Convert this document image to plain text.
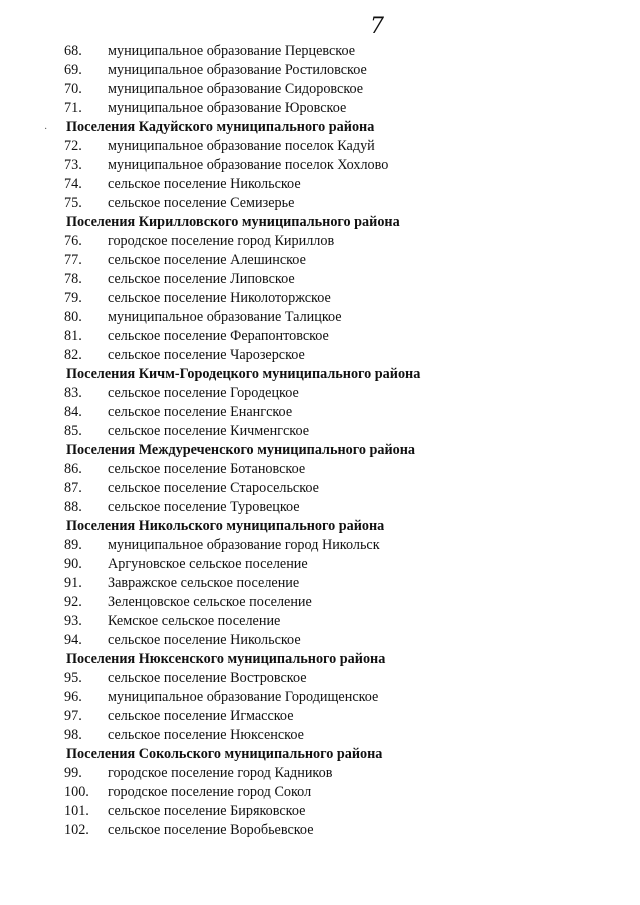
7
·
68.	муниципальное образование Перцевское
69.	муниципальное образование Ростиловское
70.	муниципальное образование Сидоровское
71.	муниципальное образование Юровское
Поселения Кадуйского муниципального района
72.	муниципальное образование поселок Кадуй
73.	муниципальное образование поселок Хохлово
74.	сельское поселение Никольское
75.	сельское поселение Семизерье
Поселения Кирилловского муниципального района
76.	городское поселение город Кириллов
77.	сельское поселение Алешинское
78.	сельское поселение Липовское
79.	сельское поселение Николоторжское
80.	муниципальное образование Талицкое
81.	сельское поселение Ферапонтовское
82.	сельское поселение Чарозерское
Поселения Кичм-Городецкого муниципального района
83.	сельское поселение Городецкое
84.	сельское поселение Енангское
85.	сельское поселение Кичменгское
Поселения Междуреченского муниципального района
86.	сельское поселение Ботановское
87.	сельское поселение Старосельское
88.	сельское поселение Туровецкое
Поселения Никольского муниципального района
89.	муниципальное образование город Никольск
90.	Аргуновское сельское поселение
91.	Завражское сельское поселение
92.	Зеленцовское сельское поселение
93.	Кемское сельское поселение
94.	сельское поселение Никольское
Поселения Нюксенского муниципального района
95.	сельское поселение Востровское
96.	муниципальное образование Городищенское
97.	сельское поселение Игмасское
98.	сельское поселение Нюксенское
Поселения Сокольского муниципального района
99.	городское поселение город Кадников
100.	городское поселение город Сокол
101.	сельское поселение Биряковское
102.	сельское поселение Воробьевское
